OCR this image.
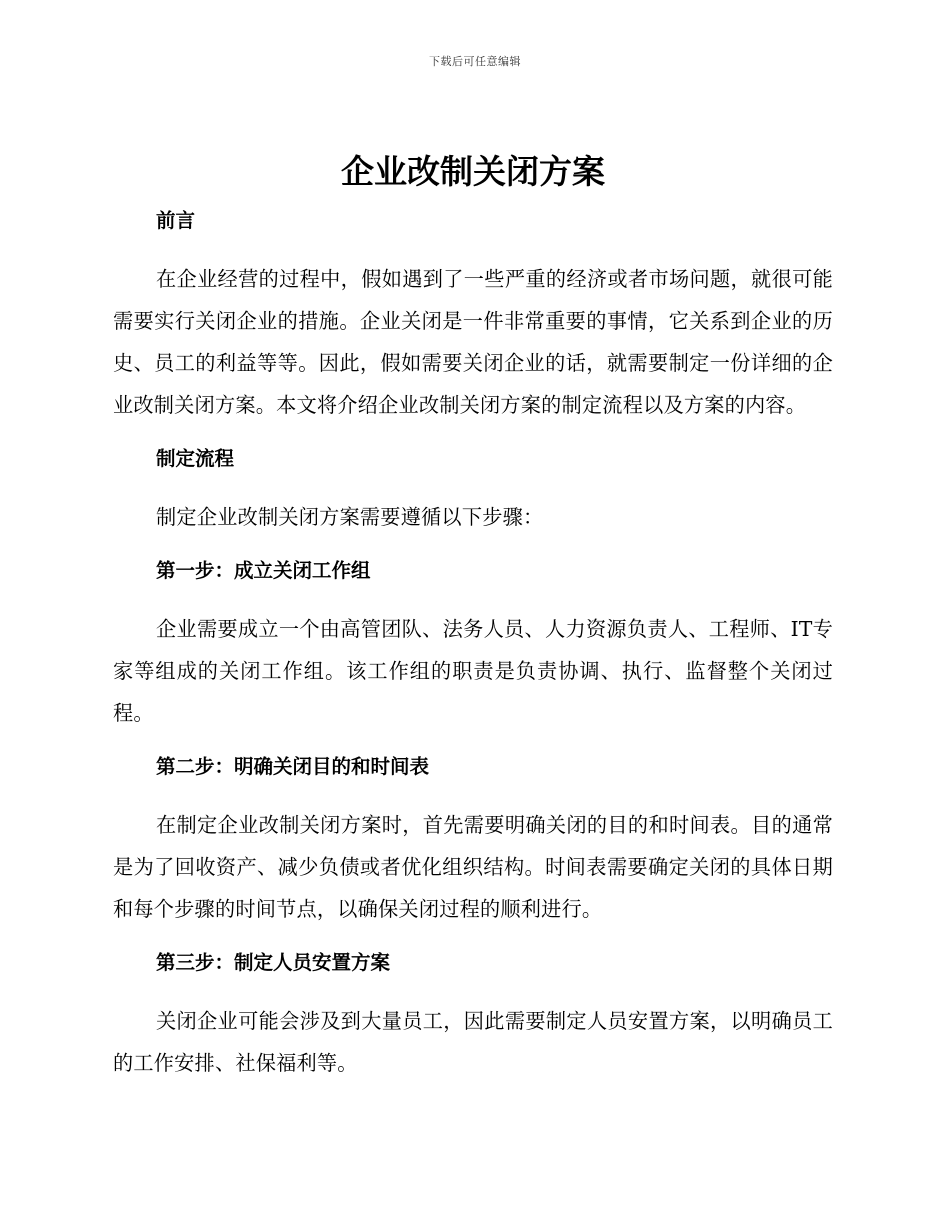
下载后可任意编辑
企业改制关闭方案
前言

在企业经营的过程中，假如遇到了一些严重的经济或者市场问题，就很可能需要实行关闭企业的措施。企业关闭是一件非常重要的事情，它关系到企业的历史、员工的利益等等。因此，假如需要关闭企业的话，就需要制定一份详细的企业改制关闭方案。本文将介绍企业改制关闭方案的制定流程以及方案的内容。

制定流程

制定企业改制关闭方案需要遵循以下步骤：

第一步：成立关闭工作组

企业需要成立一个由高管团队、法务人员、人力资源负责人、工程师、IT专家等组成的关闭工作组。该工作组的职责是负责协调、执行、监督整个关闭过程。

第二步：明确关闭目的和时间表

在制定企业改制关闭方案时，首先需要明确关闭的目的和时间表。目的通常是为了回收资产、减少负债或者优化组织结构。时间表需要确定关闭的具体日期和每个步骤的时间节点，以确保关闭过程的顺利进行。

第三步：制定人员安置方案

关闭企业可能会涉及到大量员工，因此需要制定人员安置方案，以明确员工的工作安排、社保福利等。
